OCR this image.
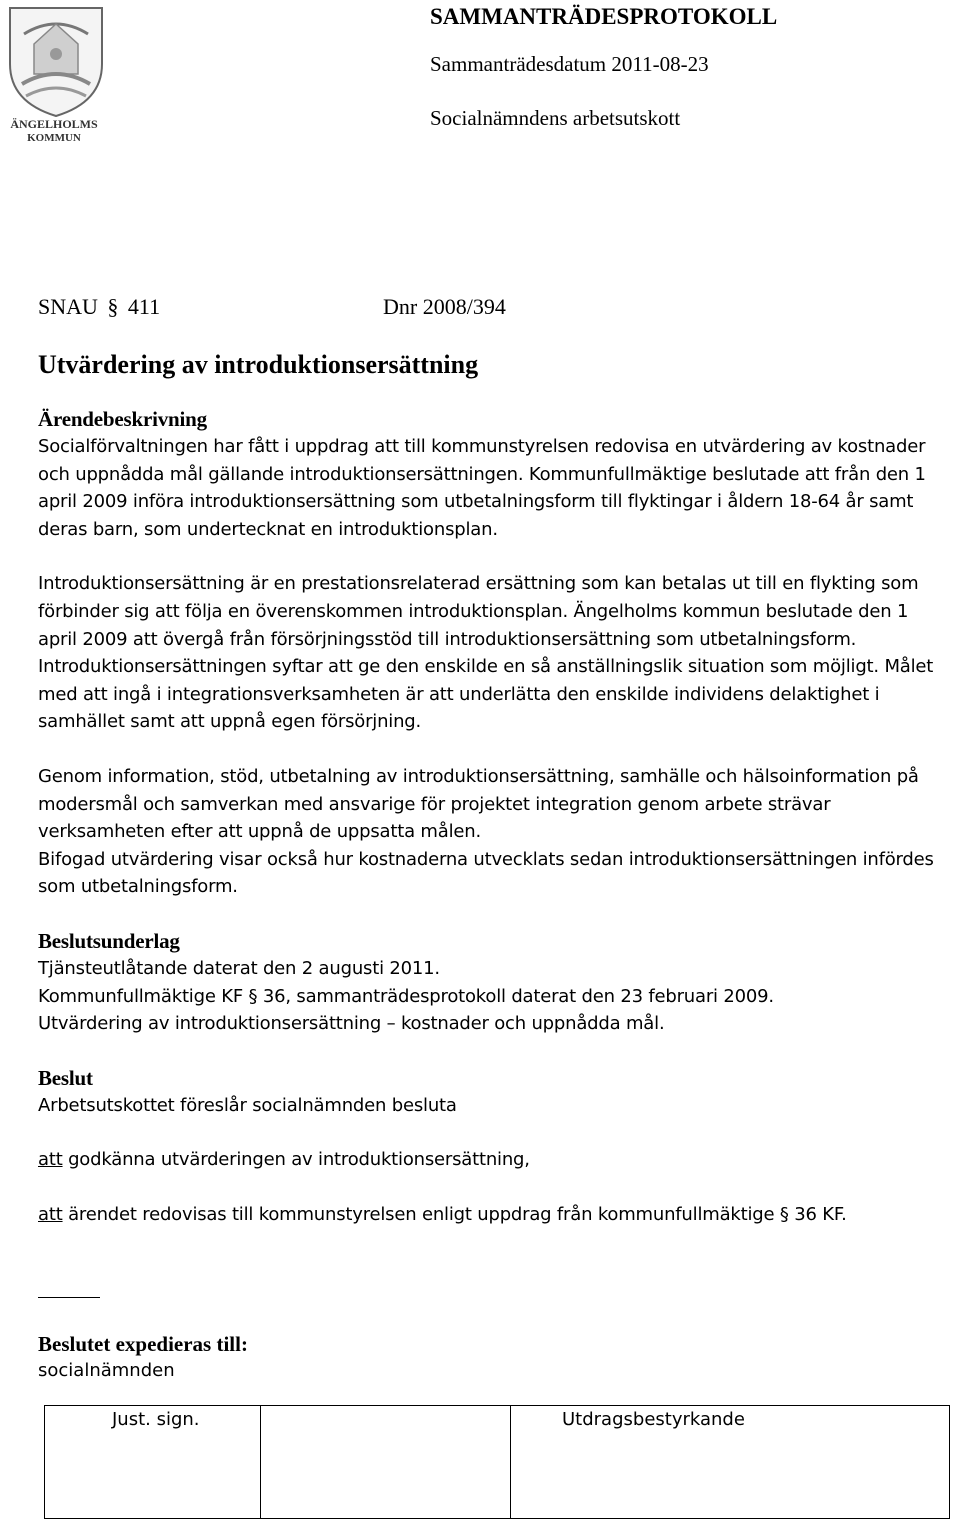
ÄNGELHOLMS
KOMMUN
SAMMANTRÄDESPROTOKOLL
Sammanträdesdatum 2011-08-23
Socialnämndens arbetsutskott
SNAU § 411	Dnr 2008/394
Utvärdering av introduktionsersättning

Ärendebeskrivning

Socialförvaltningen har fått i uppdrag att till kommunstyrelsen redovisa en utvärdering av kostnader och uppnådda mål gällande introduktionsersättningen. Kommunfullmäktige beslutade att från den 1 april 2009 införa introduktionsersättning som utbetalningsform till flyktingar i åldern 18-64 år samt deras barn, som undertecknat en introduktionsplan.

Introduktionsersättning är en prestationsrelaterad ersättning som kan betalas ut till en flykting som förbinder sig att följa en överenskommen introduktionsplan. Ängelholms kommun beslutade den 1 april 2009 att övergå från försörjningsstöd till introduktionsersättning som utbetalningsform. Introduktionsersättningen syftar att ge den enskilde en så anställningslik situation som möjligt. Målet med att ingå i integrationsverksamheten är att underlätta den enskilde individens delaktighet i samhället samt att uppnå egen försörjning.

Genom information, stöd, utbetalning av introduktionsersättning, samhälle och hälsoinformation på modersmål och samverkan med ansvarige för projektet integration genom arbete strävar verksamheten efter att uppnå de uppsatta målen.

Bifogad utvärdering visar också hur kostnaderna utvecklats sedan introduktionsersättningen infördes som utbetalningsform.

Beslutsunderlag

Tjänsteutlåtande daterat den 2 augusti 2011.

Kommunfullmäktige KF § 36, sammanträdesprotokoll daterat den 23 februari 2009.

Utvärdering av introduktionsersättning – kostnader och uppnådda mål.

Beslut

Arbetsutskottet föreslår socialnämnden besluta

att godkänna utvärderingen av introduktionsersättning,

att ärendet redovisas till kommunstyrelsen enligt uppdrag från kommunfullmäktige § 36 KF.

Beslutet expedieras till:
socialnämnden
Just. sign.	Utdragsbestyrkande
